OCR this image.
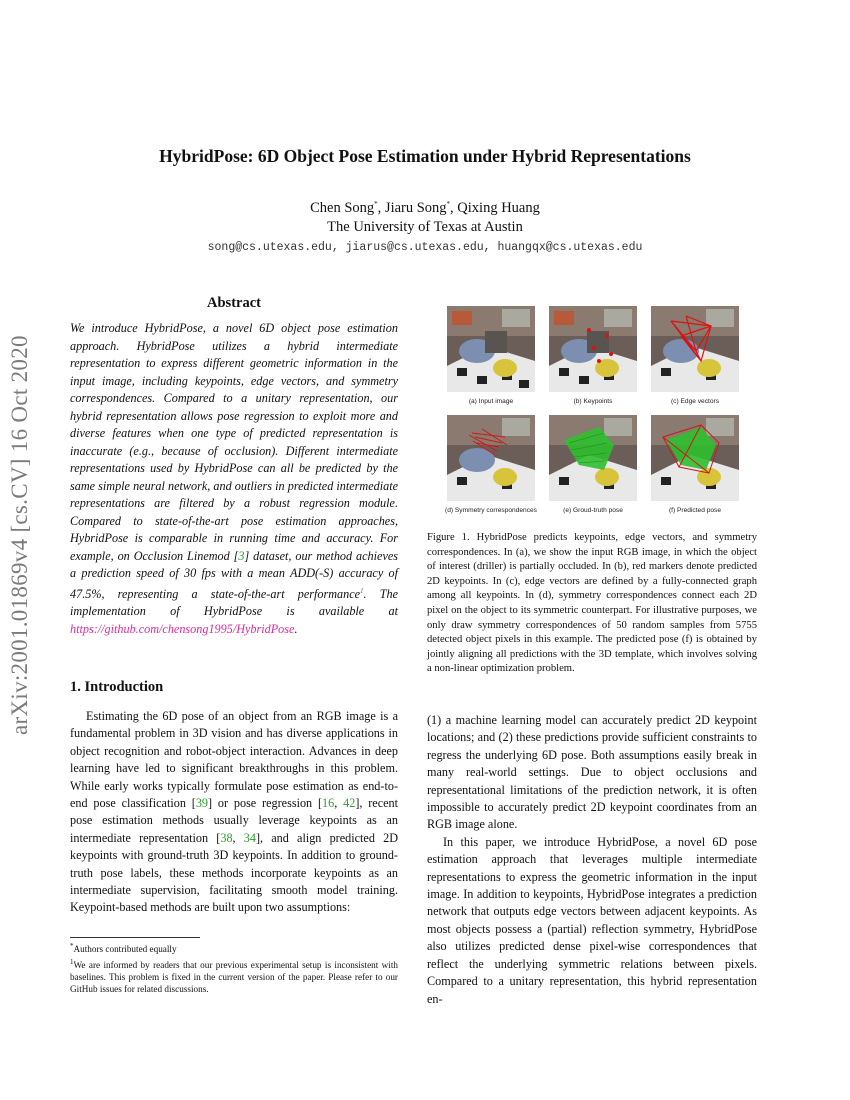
arXiv:2001.01869v4 [cs.CV] 16 Oct 2020
HybridPose: 6D Object Pose Estimation under Hybrid Representations
Chen Song*, Jiaru Song*, Qixing Huang
The University of Texas at Austin
song@cs.utexas.edu, jiarus@cs.utexas.edu, huangqx@cs.utexas.edu
Abstract
We introduce HybridPose, a novel 6D object pose estimation approach. HybridPose utilizes a hybrid intermediate representation to express different geometric information in the input image, including keypoints, edge vectors, and symmetry correspondences. Compared to a unitary representation, our hybrid representation allows pose regression to exploit more and diverse features when one type of predicted representation is inaccurate (e.g., because of occlusion). Different intermediate representations used by HybridPose can all be predicted by the same simple neural network, and outliers in predicted intermediate representations are filtered by a robust regression module. Compared to state-of-the-art pose estimation approaches, HybridPose is comparable in running time and accuracy. For example, on Occlusion Linemod [3] dataset, our method achieves a prediction speed of 30 fps with a mean ADD(-S) accuracy of 47.5%, representing a state-of-the-art performance$^1$. The implementation of HybridPose is available at https://github.com/chensong1995/HybridPose.
1. Introduction

Estimating the 6D pose of an object from an RGB image is a fundamental problem in 3D vision and has diverse applications in object recognition and robot-object interaction. Advances in deep learning have led to significant breakthroughs in this problem. While early works typically formulate pose estimation as end-to-end pose classification [39] or pose regression [16, 42], recent pose estimation methods usually leverage keypoints as an intermediate representation [38, 34], and align predicted 2D keypoints with ground-truth 3D keypoints. In addition to ground-truth pose labels, these methods incorporate keypoints as an intermediate supervision, facilitating smooth model training. Keypoint-based methods are built upon two assumptions:

*Authors contributed equally
$^1$We are informed by readers that our previous experimental setup is inconsistent with baselines. This problem is fixed in the current version of the paper. Please refer to our GitHub issues for related discussions.
(a) Input image	(b) Keypoints	(c) Edge vectors
(d) Symmetry correspondences	(e) Groud-truth pose	(f) Predicted pose
Figure 1. HybridPose predicts keypoints, edge vectors, and symmetry correspondences. In (a), we show the input RGB image, in which the object of interest (driller) is partially occluded. In (b), red markers denote predicted 2D keypoints. In (c), edge vectors are defined by a fully-connected graph among all keypoints. In (d), symmetry correspondences connect each 2D pixel on the object to its symmetric counterpart. For illustrative purposes, we only draw symmetry correspondences of 50 random samples from 5755 detected object pixels in this example. The predicted pose (f) is obtained by jointly aligning all predictions with the 3D template, which involves solving a non-linear optimization problem.

(1) a machine learning model can accurately predict 2D keypoint locations; and (2) these predictions provide sufficient constraints to regress the underlying 6D pose. Both assumptions easily break in many real-world settings. Due to object occlusions and representational limitations of the prediction network, it is often impossible to accurately predict 2D keypoint coordinates from an RGB image alone.

In this paper, we introduce HybridPose, a novel 6D pose estimation approach that leverages multiple intermediate representations to express the geometric information in the input image. In addition to keypoints, HybridPose integrates a prediction network that outputs edge vectors between adjacent keypoints. As most objects possess a (partial) reflection symmetry, HybridPose also utilizes predicted dense pixel-wise correspondences that reflect the underlying symmetric relations between pixels. Compared to a unitary representation, this hybrid representation en-
